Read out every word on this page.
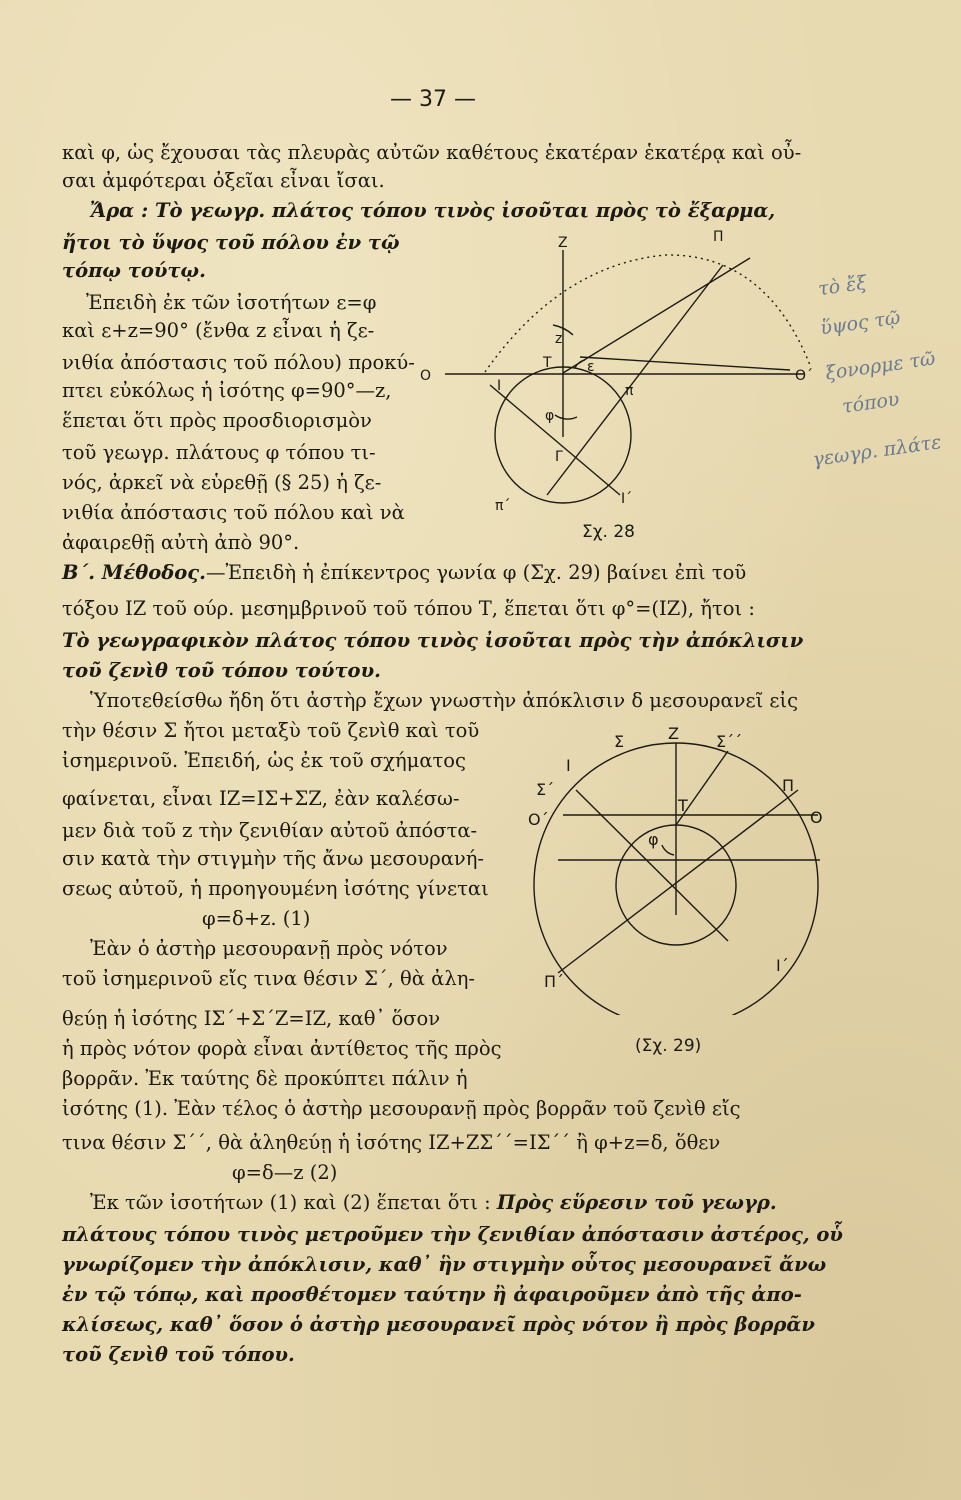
— 37 —
καὶ φ, ὡς ἔχουσαι τὰς πλευρὰς αὐτῶν καθέτους ἑκατέραν ἑκατέρᾳ καὶ οὖ-
σαι ἀμφότεραι ὀξεῖαι εἶναι ἴσαι.
Ἄρα : Τὸ γεωγρ. πλάτος τόπου τινὸς ἰσοῦται πρὸς τὸ ἔξαρμα,
ἤτοι τὸ ὕψος τοῦ πόλου ἐν τῷ
τόπῳ τούτῳ.
Ἐπειδὴ ἐκ τῶν ἰσοτήτων ε=φ
καὶ ε+z=90° (ἔνθα z εἶναι ἡ ζε-
νιθία ἀπόστασις τοῦ πόλου) προκύ-
πτει εὐκόλως ἡ ἰσότης φ=90°—z,
ἕπεται ὅτι πρὸς προσδιορισμὸν
τοῦ γεωγρ. πλάτους φ τόπου τι-
νός, ἀρκεῖ νὰ εὑρεθῇ (§ 25) ἡ ζε-
νιθία ἀπόστασις τοῦ πόλου καὶ νὰ
ἀφαιρεθῇ αὐτὴ ἀπὸ 90°.
Ζ	Π
Ο	Ο΄
Τ	ε
z
Ι	π
φ
Γ
π΄	Ι΄
Σχ. 28
τὸ ἔξ
ὕψος τῷ
ξονορμε τῶ
τόπου
γεωγρ. πλάτε
Β΄. Μέθοδος.—Ἐπειδὴ ἡ ἐπίκεντρος γωνία φ (Σχ. 29) βαίνει ἐπὶ τοῦ
τόξου ΙΖ τοῦ ούρ. μεσημβρινοῦ τοῦ τόπου Τ, ἕπεται ὅτι φ°=(ΙΖ), ἤτοι :
Τὸ γεωγραφικὸν πλάτος τόπου τινὸς ἰσοῦται πρὸς τὴν ἀπόκλισιν
τοῦ ζενὶθ τοῦ τόπου τούτου.
Ὑποτεθείσθω ἤδη ὅτι ἀστὴρ ἔχων γνωστὴν ἀπόκλισιν δ μεσουρανεῖ εἰς
τὴν θέσιν Σ ἤτοι μεταξὺ τοῦ ζενὶθ καὶ τοῦ
ἰσημερινοῦ. Ἐπειδή, ὡς ἐκ τοῦ σχήματος
φαίνεται, εἶναι ΙΖ=ΙΣ+ΣΖ, ἐὰν καλέσω-
μεν διὰ τοῦ z τὴν ζενιθίαν αὐτοῦ ἀπόστα-
σιν κατὰ τὴν στιγμὴν τῆς ἄνω μεσουρανή-
σεως αὐτοῦ, ἡ προηγουμένη ἰσότης γίνεται
φ=δ+z. (1)
Ἐὰν ὁ ἀστὴρ μεσουρανῇ πρὸς νότον
τοῦ ἰσημερινοῦ εἴς τινα θέσιν Σ΄, θὰ ἀλη-
θεύῃ ἡ ἰσότης ΙΣ΄+Σ΄Ζ=ΙΖ, καθ᾽ ὅσον
ἡ πρὸς νότον φορὰ εἶναι ἀντίθετος τῆς πρὸς
βορρᾶν. Ἐκ ταύτης δὲ προκύπτει πάλιν ἡ
ἰσότης (1). Ἐὰν τέλος ὁ ἀστὴρ μεσουρανῇ πρὸς βορρᾶν τοῦ ζενὶθ εἴς
τινα θέσιν Σ΄΄, θὰ ἀληθεύῃ ἡ ἰσότης ΙΖ+ΖΣ΄΄=ΙΣ΄΄ ἢ φ+z=δ, ὅθεν
φ=δ—z (2)
Σ	Ζ Σ΄΄
Ι
Σ΄
Ο΄
Τ
Π
Ο
φ
Π΄
Ι΄
(Σχ. 29)
Ἐκ τῶν ἰσοτήτων (1) καὶ (2) ἕπεται ὅτι : Πρὸς εὕρεσιν τοῦ γεωγρ.
πλάτους τόπου τινὸς μετροῦμεν τὴν ζενιθίαν ἀπόστασιν ἀστέρος, οὗ
γνωρίζομεν τὴν ἀπόκλισιν, καθ᾽ ἣν στιγμὴν οὗτος μεσουρανεῖ ἄνω
ἐν τῷ τόπῳ, καὶ προσθέτομεν ταύτην ἢ ἀφαιροῦμεν ἀπὸ τῆς ἀπο-
κλίσεως, καθ᾽ ὅσον ὁ ἀστὴρ μεσουρανεῖ πρὸς νότον ἢ πρὸς βορρᾶν
τοῦ ζενὶθ τοῦ τόπου.
